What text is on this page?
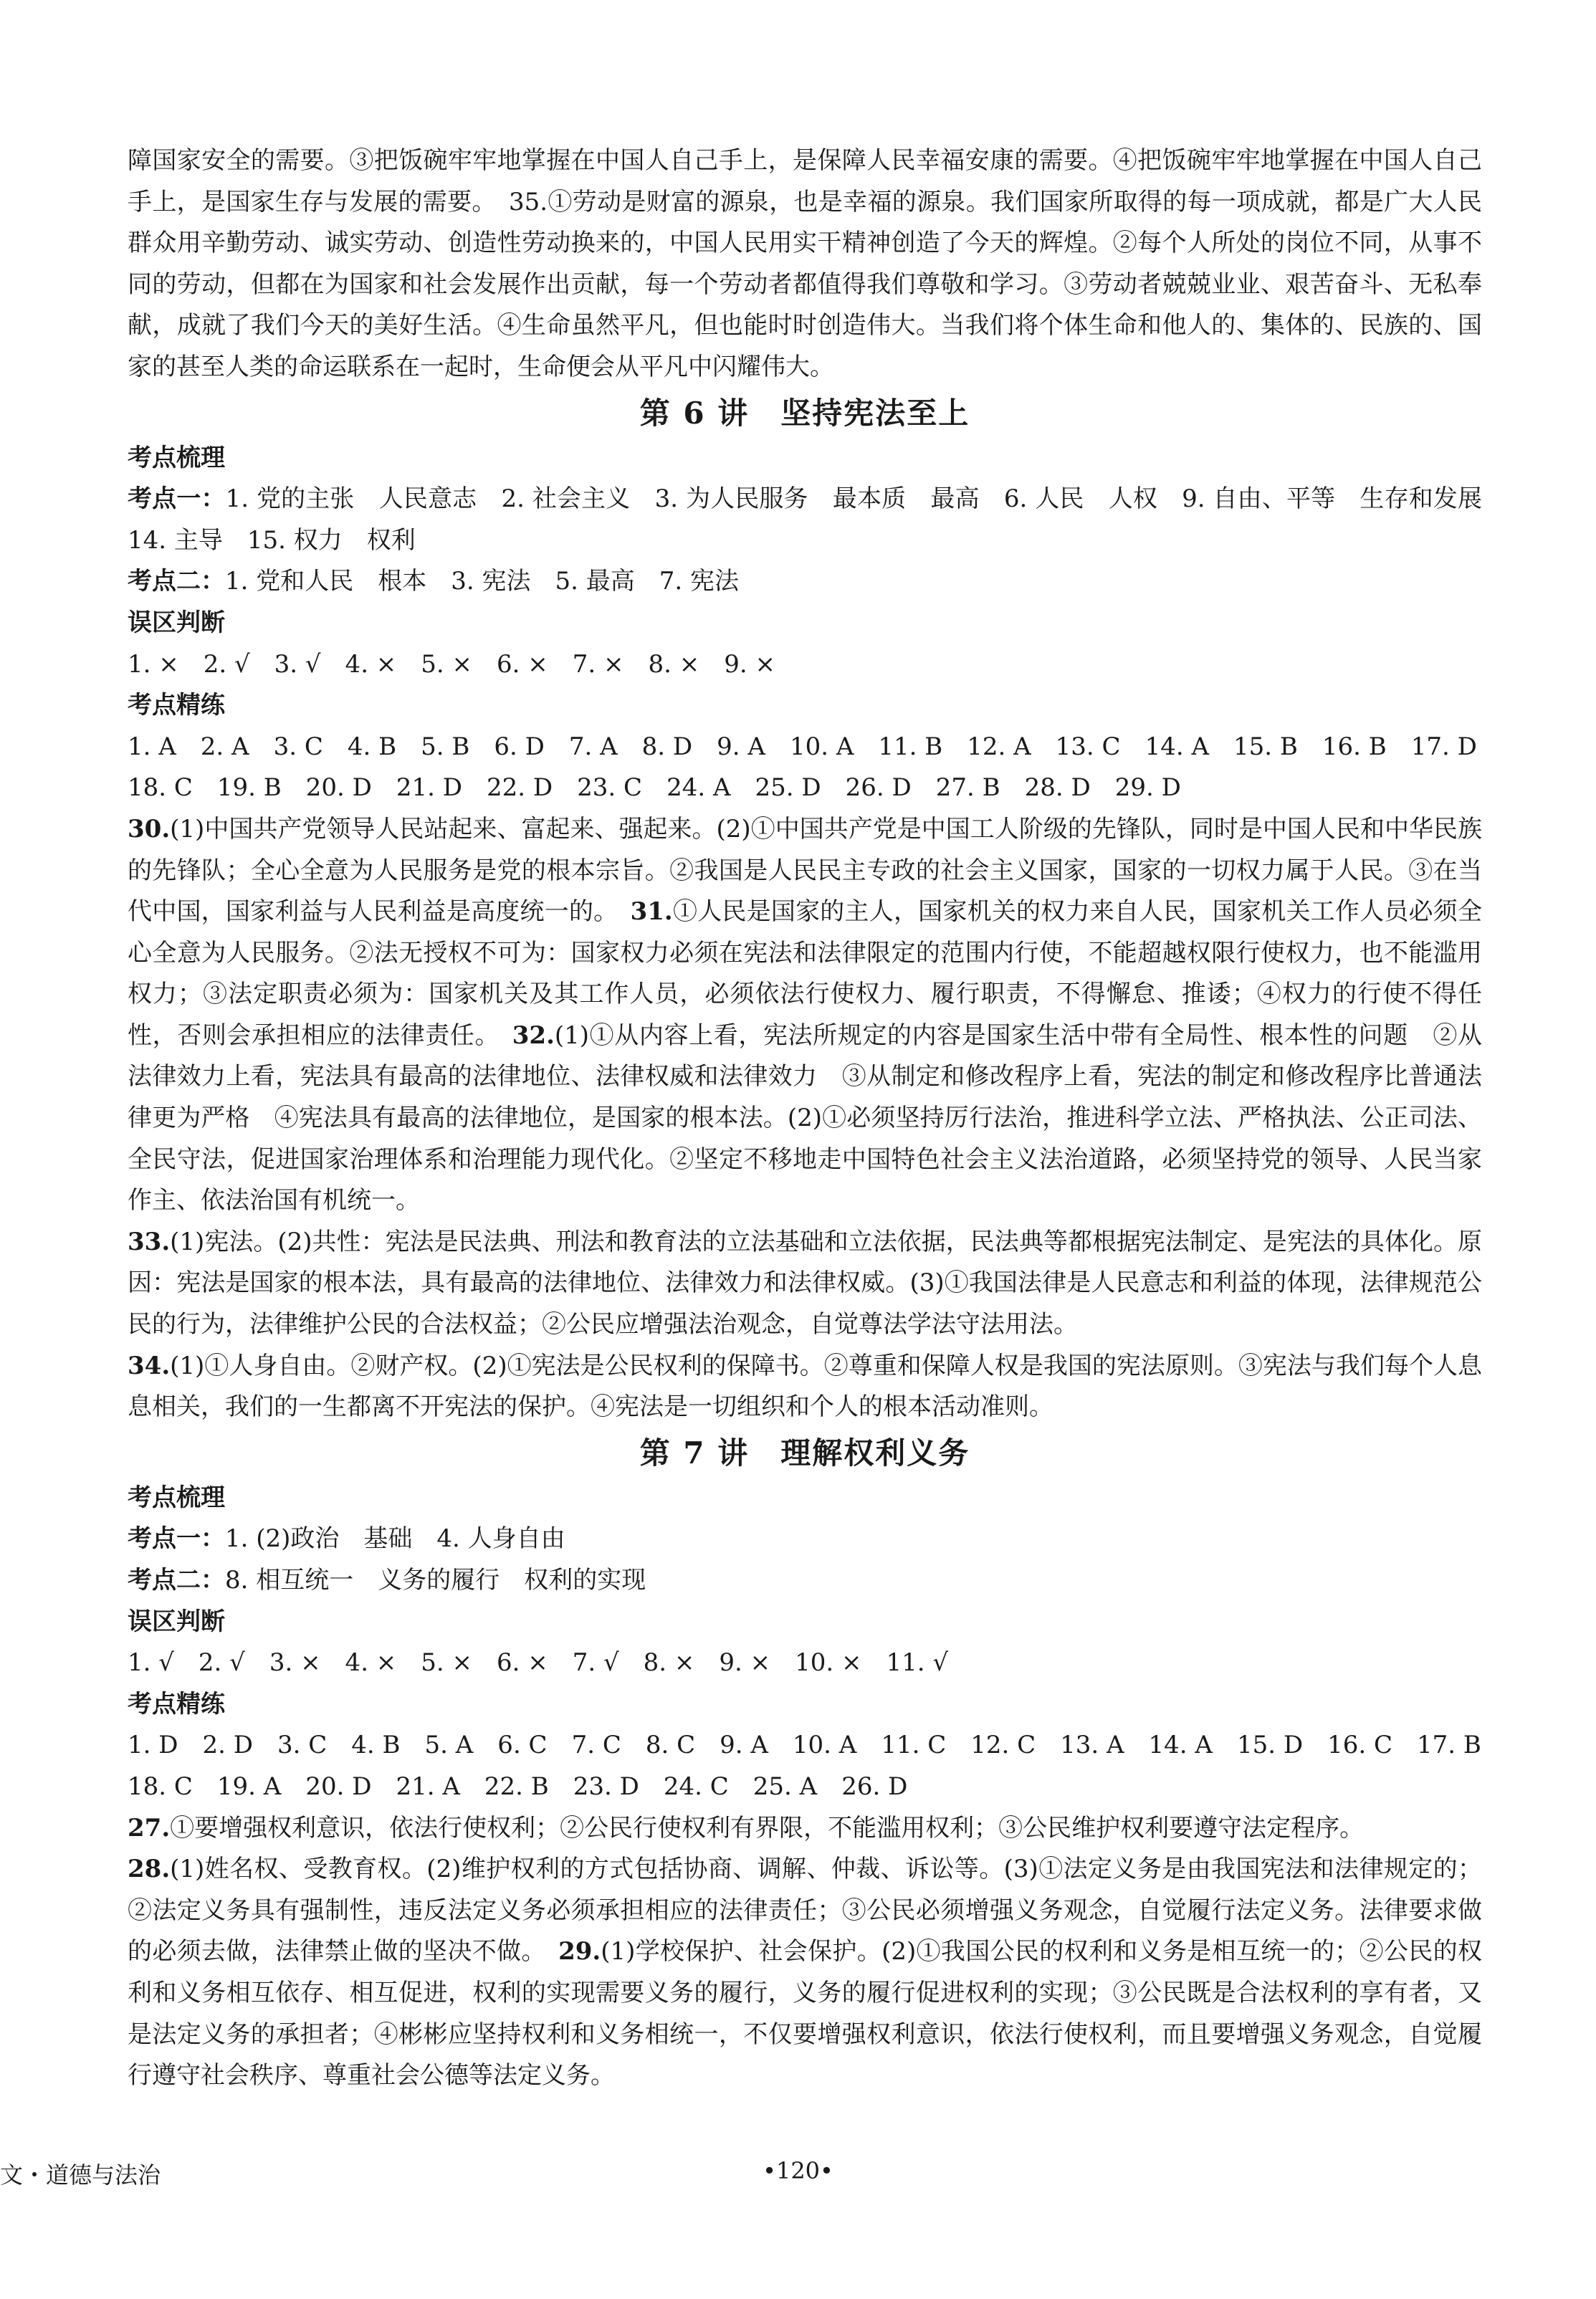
障国家安全的需要。③把饭碗牢牢地掌握在中国人自己手上，是保障人民幸福安康的需要。④把饭碗牢牢地掌握在中国人自己手上，是国家生存与发展的需要。　35.①劳动是财富的源泉，也是幸福的源泉。我们国家所取得的每一项成就，都是广大人民群众用辛勤劳动、诚实劳动、创造性劳动换来的，中国人民用实干精神创造了今天的辉煌。②每个人所处的岗位不同，从事不同的劳动，但都在为国家和社会发展作出贡献，每一个劳动者都值得我们尊敬和学习。③劳动者兢兢业业、艰苦奋斗、无私奉献，成就了我们今天的美好生活。④生命虽然平凡，但也能时时创造伟大。当我们将个体生命和他人的、集体的、民族的、国家的甚至人类的命运联系在一起时，生命便会从平凡中闪耀伟大。

第 6 讲　坚持宪法至上

考点梳理

考点一：1. 党的主张　人民意志　2. 社会主义　3. 为人民服务　最本质　最高　6. 人民　人权　9. 自由、平等　生存和发展　14. 主导　15. 权力　权利

考点二：1. 党和人民　根本　3. 宪法　5. 最高　7. 宪法

误区判断

1. ×　2. √　3. √　4. ×　5. ×　6. ×　7. ×　8. ×　9. ×

考点精练

1. A　2. A　3. C　4. B　5. B　6. D　7. A　8. D　9. A　10. A　11. B　12. A　13. C　14. A　15. B　16. B　17. D

18. C　19. B　20. D　21. D　22. D　23. C　24. A　25. D　26. D　27. B　28. D　29. D

30.(1)中国共产党领导人民站起来、富起来、强起来。(2)①中国共产党是中国工人阶级的先锋队，同时是中国人民和中华民族的先锋队；全心全意为人民服务是党的根本宗旨。②我国是人民民主专政的社会主义国家，国家的一切权力属于人民。③在当代中国，国家利益与人民利益是高度统一的。　31.①人民是国家的主人，国家机关的权力来自人民，国家机关工作人员必须全心全意为人民服务。②法无授权不可为：国家权力必须在宪法和法律限定的范围内行使，不能超越权限行使权力，也不能滥用权力；③法定职责必须为：国家机关及其工作人员，必须依法行使权力、履行职责，不得懈怠、推诿；④权力的行使不得任性，否则会承担相应的法律责任。　32.(1)①从内容上看，宪法所规定的内容是国家生活中带有全局性、根本性的问题　②从法律效力上看，宪法具有最高的法律地位、法律权威和法律效力　③从制定和修改程序上看，宪法的制定和修改程序比普通法律更为严格　④宪法具有最高的法律地位，是国家的根本法。(2)①必须坚持厉行法治，推进科学立法、严格执法、公正司法、全民守法，促进国家治理体系和治理能力现代化。②坚定不移地走中国特色社会主义法治道路，必须坚持党的领导、人民当家作主、依法治国有机统一。

33.(1)宪法。(2)共性：宪法是民法典、刑法和教育法的立法基础和立法依据，民法典等都根据宪法制定、是宪法的具体化。原因：宪法是国家的根本法，具有最高的法律地位、法律效力和法律权威。(3)①我国法律是人民意志和利益的体现，法律规范公民的行为，法律维护公民的合法权益；②公民应增强法治观念，自觉尊法学法守法用法。

34.(1)①人身自由。②财产权。(2)①宪法是公民权利的保障书。②尊重和保障人权是我国的宪法原则。③宪法与我们每个人息息相关，我们的一生都离不开宪法的保护。④宪法是一切组织和个人的根本活动准则。

第 7 讲　理解权利义务

考点梳理

考点一：1. (2)政治　基础　4. 人身自由

考点二：8. 相互统一　义务的履行　权利的实现

误区判断

1. √　2. √　3. ×　4. ×　5. ×　6. ×　7. √　8. ×　9. ×　10. ×　11. √

考点精练

1. D　2. D　3. C　4. B　5. A　6. C　7. C　8. C　9. A　10. A　11. C　12. C　13. A　14. A　15. D　16. C　17. B

18. C　19. A　20. D　21. A　22. B　23. D　24. C　25. A　26. D

27.①要增强权利意识，依法行使权利；②公民行使权利有界限，不能滥用权利；③公民维护权利要遵守法定程序。

28.(1)姓名权、受教育权。(2)维护权利的方式包括协商、调解、仲裁、诉讼等。(3)①法定义务是由我国宪法和法律规定的；②法定义务具有强制性，违反法定义务必须承担相应的法律责任；③公民必须增强义务观念，自觉履行法定义务。法律要求做的必须去做，法律禁止做的坚决不做。　29.(1)学校保护、社会保护。(2)①我国公民的权利和义务是相互统一的；②公民的权利和义务相互依存、相互促进，权利的实现需要义务的履行，义务的履行促进权利的实现；③公民既是合法权利的享有者，又是法定义务的承担者；④彬彬应坚持权利和义务相统一，不仅要增强权利意识，依法行使权利，而且要增强义务观念，自觉履行遵守社会秩序、尊重社会公德等法定义务。

文・道德与法治	•120•
